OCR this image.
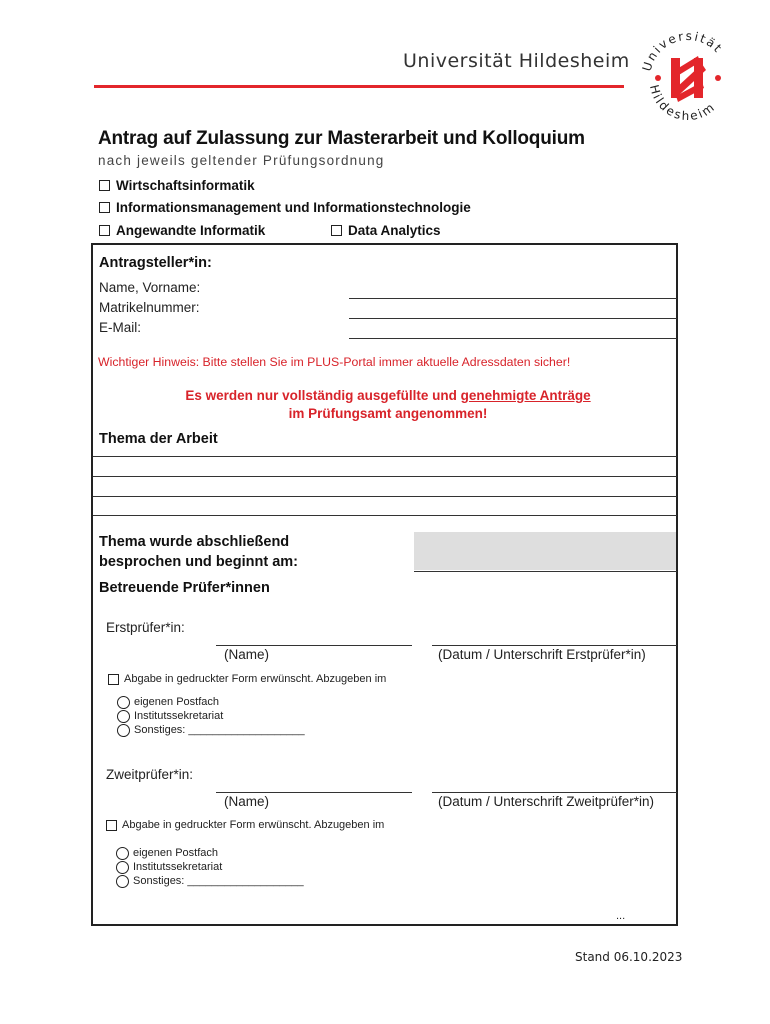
Universität Hildesheim Universität
Hildesheim
Antrag auf Zulassung zur Masterarbeit und Kolloquium
nach jeweils geltender Prüfungsordnung
Wirtschaftsinformatik
Informationsmanagement und Informationstechnologie
Angewandte Informatik	Data Analytics
Antragsteller*in:
Name, Vorname:
Matrikelnummer:
E-Mail:
Wichtiger Hinweis: Bitte stellen Sie im PLUS-Portal immer aktuelle Adressdaten sicher!
Es werden nur vollständig ausgefüllte und genehmigte Anträge
im Prüfungsamt angenommen!
Thema der Arbeit
Thema wurde abschließend
besprochen und beginnt am:
Betreuende Prüfer*innen
Erstprüfer*in:
(Name)	(Datum / Unterschrift Erstprüfer*in)
Abgabe in gedruckter Form erwünscht. Abzugeben im
eigenen Postfach
Institutssekretariat
Sonstiges: ___________________
Zweitprüfer*in:
(Name)	(Datum / Unterschrift Zweitprüfer*in)
Abgabe in gedruckter Form erwünscht. Abzugeben im
eigenen Postfach
Institutssekretariat
Sonstiges: ___________________
...
Stand 06.10.2023
